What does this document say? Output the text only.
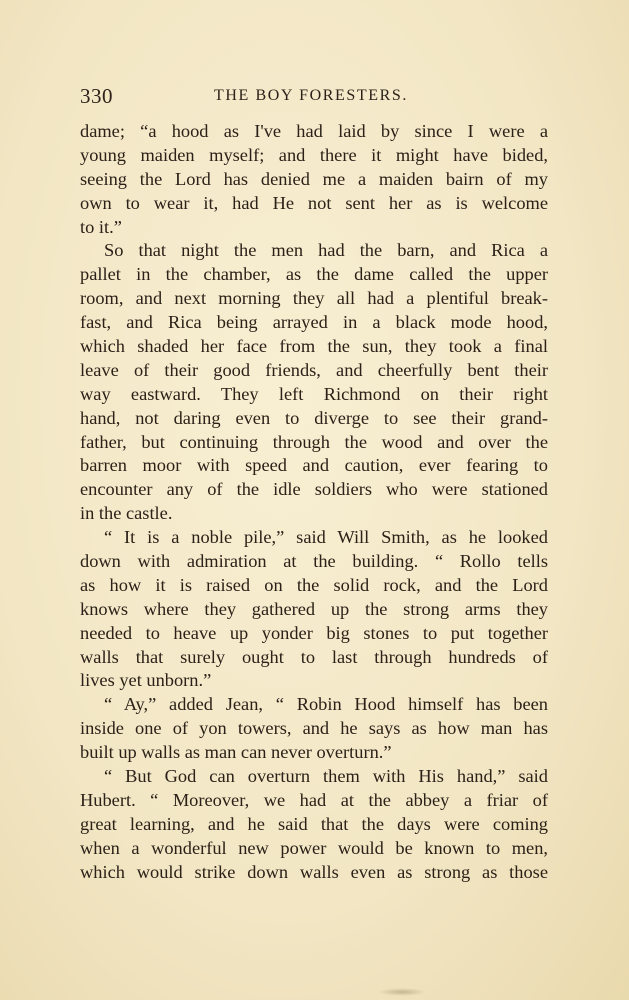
330	THE BOY FORESTERS.
dame; “a hood as I've had laid by since I were a
young maiden myself; and there it might have bided,
seeing the Lord has denied me a maiden bairn of my
own to wear it, had He not sent her as is welcome
to it.”
So that night the men had the barn, and Rica a
pallet in the chamber, as the dame called the upper
room, and next morning they all had a plentiful break-
fast, and Rica being arrayed in a black mode hood,
which shaded her face from the sun, they took a final
leave of their good friends, and cheerfully bent their
way eastward. They left Richmond on their right
hand, not daring even to diverge to see their grand-
father, but continuing through the wood and over the
barren moor with speed and caution, ever fearing to
encounter any of the idle soldiers who were stationed
in the castle.
“ It is a noble pile,” said Will Smith, as he looked
down with admiration at the building. “ Rollo tells
as how it is raised on the solid rock, and the Lord
knows where they gathered up the strong arms they
needed to heave up yonder big stones to put together
walls that surely ought to last through hundreds of
lives yet unborn.”
“ Ay,” added Jean, “ Robin Hood himself has been
inside one of yon towers, and he says as how man has
built up walls as man can never overturn.”
“ But God can overturn them with His hand,” said
Hubert. “ Moreover, we had at the abbey a friar of
great learning, and he said that the days were coming
when a wonderful new power would be known to men,
which would strike down walls even as strong as those
